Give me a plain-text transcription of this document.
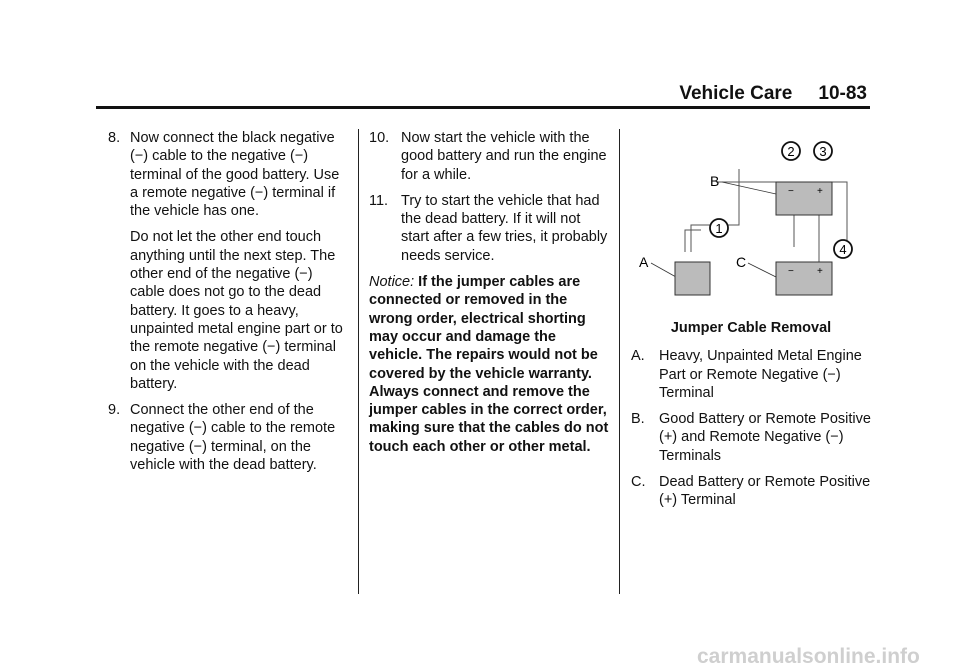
Vehicle Care 10-83
8. Now connect the black negative (−) cable to the negative (−) terminal of the good battery. Use a remote negative (−) terminal if the vehicle has one.

Do not let the other end touch anything until the next step. The other end of the negative (−) cable does not go to the dead battery. It goes to a heavy, unpainted metal engine part or to the remote negative (−) terminal on the vehicle with the dead battery.

9. Connect the other end of the negative (−) cable to the remote negative (−) terminal, on the vehicle with the dead battery.
10. Now start the vehicle with the good battery and run the engine for a while.
11. Try to start the vehicle that had the dead battery. If it will not start after a few tries, it probably needs service.

Notice: If the jumper cables are connected or removed in the wrong order, electrical shorting may occur and damage the vehicle. The repairs would not be covered by the vehicle warranty. Always connect and remove the jumper cables in the correct order, making sure that the cables do not touch each other or other metal.

− +
− +
B
A	C
1
2 3
4

Jumper Cable Removal

A. Heavy, Unpainted Metal Engine Part or Remote Negative (−) Terminal
B. Good Battery or Remote Positive (+) and Remote Negative (−) Terminals
C. Dead Battery or Remote Positive (+) Terminal
carmanualsonline.info
